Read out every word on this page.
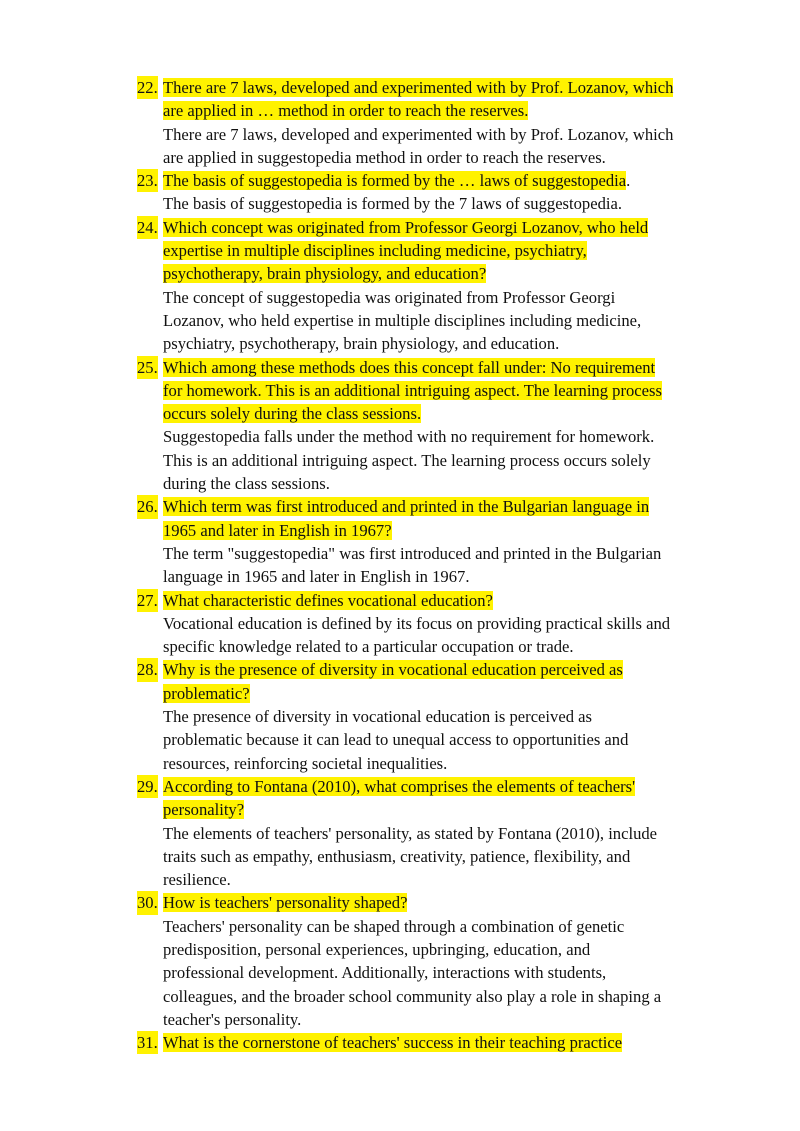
22. There are 7 laws, developed and experimented with by Prof. Lozanov, which
are applied in … method in order to reach the reserves.
There are 7 laws, developed and experimented with by Prof. Lozanov, which
are applied in suggestopedia method in order to reach the reserves.
23. The basis of suggestopedia is formed by the … laws of suggestopedia.
The basis of suggestopedia is formed by the 7 laws of suggestopedia.
24. Which concept was originated from Professor Georgi Lozanov, who held
expertise in multiple disciplines including medicine, psychiatry,
psychotherapy, brain physiology, and education?
The concept of suggestopedia was originated from Professor Georgi
Lozanov, who held expertise in multiple disciplines including medicine,
psychiatry, psychotherapy, brain physiology, and education.
25. Which among these methods does this concept fall under: No requirement
for homework. This is an additional intriguing aspect. The learning process
occurs solely during the class sessions.
Suggestopedia falls under the method with no requirement for homework.
This is an additional intriguing aspect. The learning process occurs solely
during the class sessions.
26. Which term was first introduced and printed in the Bulgarian language in
1965 and later in English in 1967?
The term "suggestopedia" was first introduced and printed in the Bulgarian
language in 1965 and later in English in 1967.
27. What characteristic defines vocational education?
Vocational education is defined by its focus on providing practical skills and
specific knowledge related to a particular occupation or trade.
28. Why is the presence of diversity in vocational education perceived as
problematic?
The presence of diversity in vocational education is perceived as
problematic because it can lead to unequal access to opportunities and
resources, reinforcing societal inequalities.
29. According to Fontana (2010), what comprises the elements of teachers'
personality?
The elements of teachers' personality, as stated by Fontana (2010), include
traits such as empathy, enthusiasm, creativity, patience, flexibility, and
resilience.
30. How is teachers' personality shaped?
Teachers' personality can be shaped through a combination of genetic
predisposition, personal experiences, upbringing, education, and
professional development. Additionally, interactions with students,
colleagues, and the broader school community also play a role in shaping a
teacher's personality.
31. What is the cornerstone of teachers' success in their teaching practice
